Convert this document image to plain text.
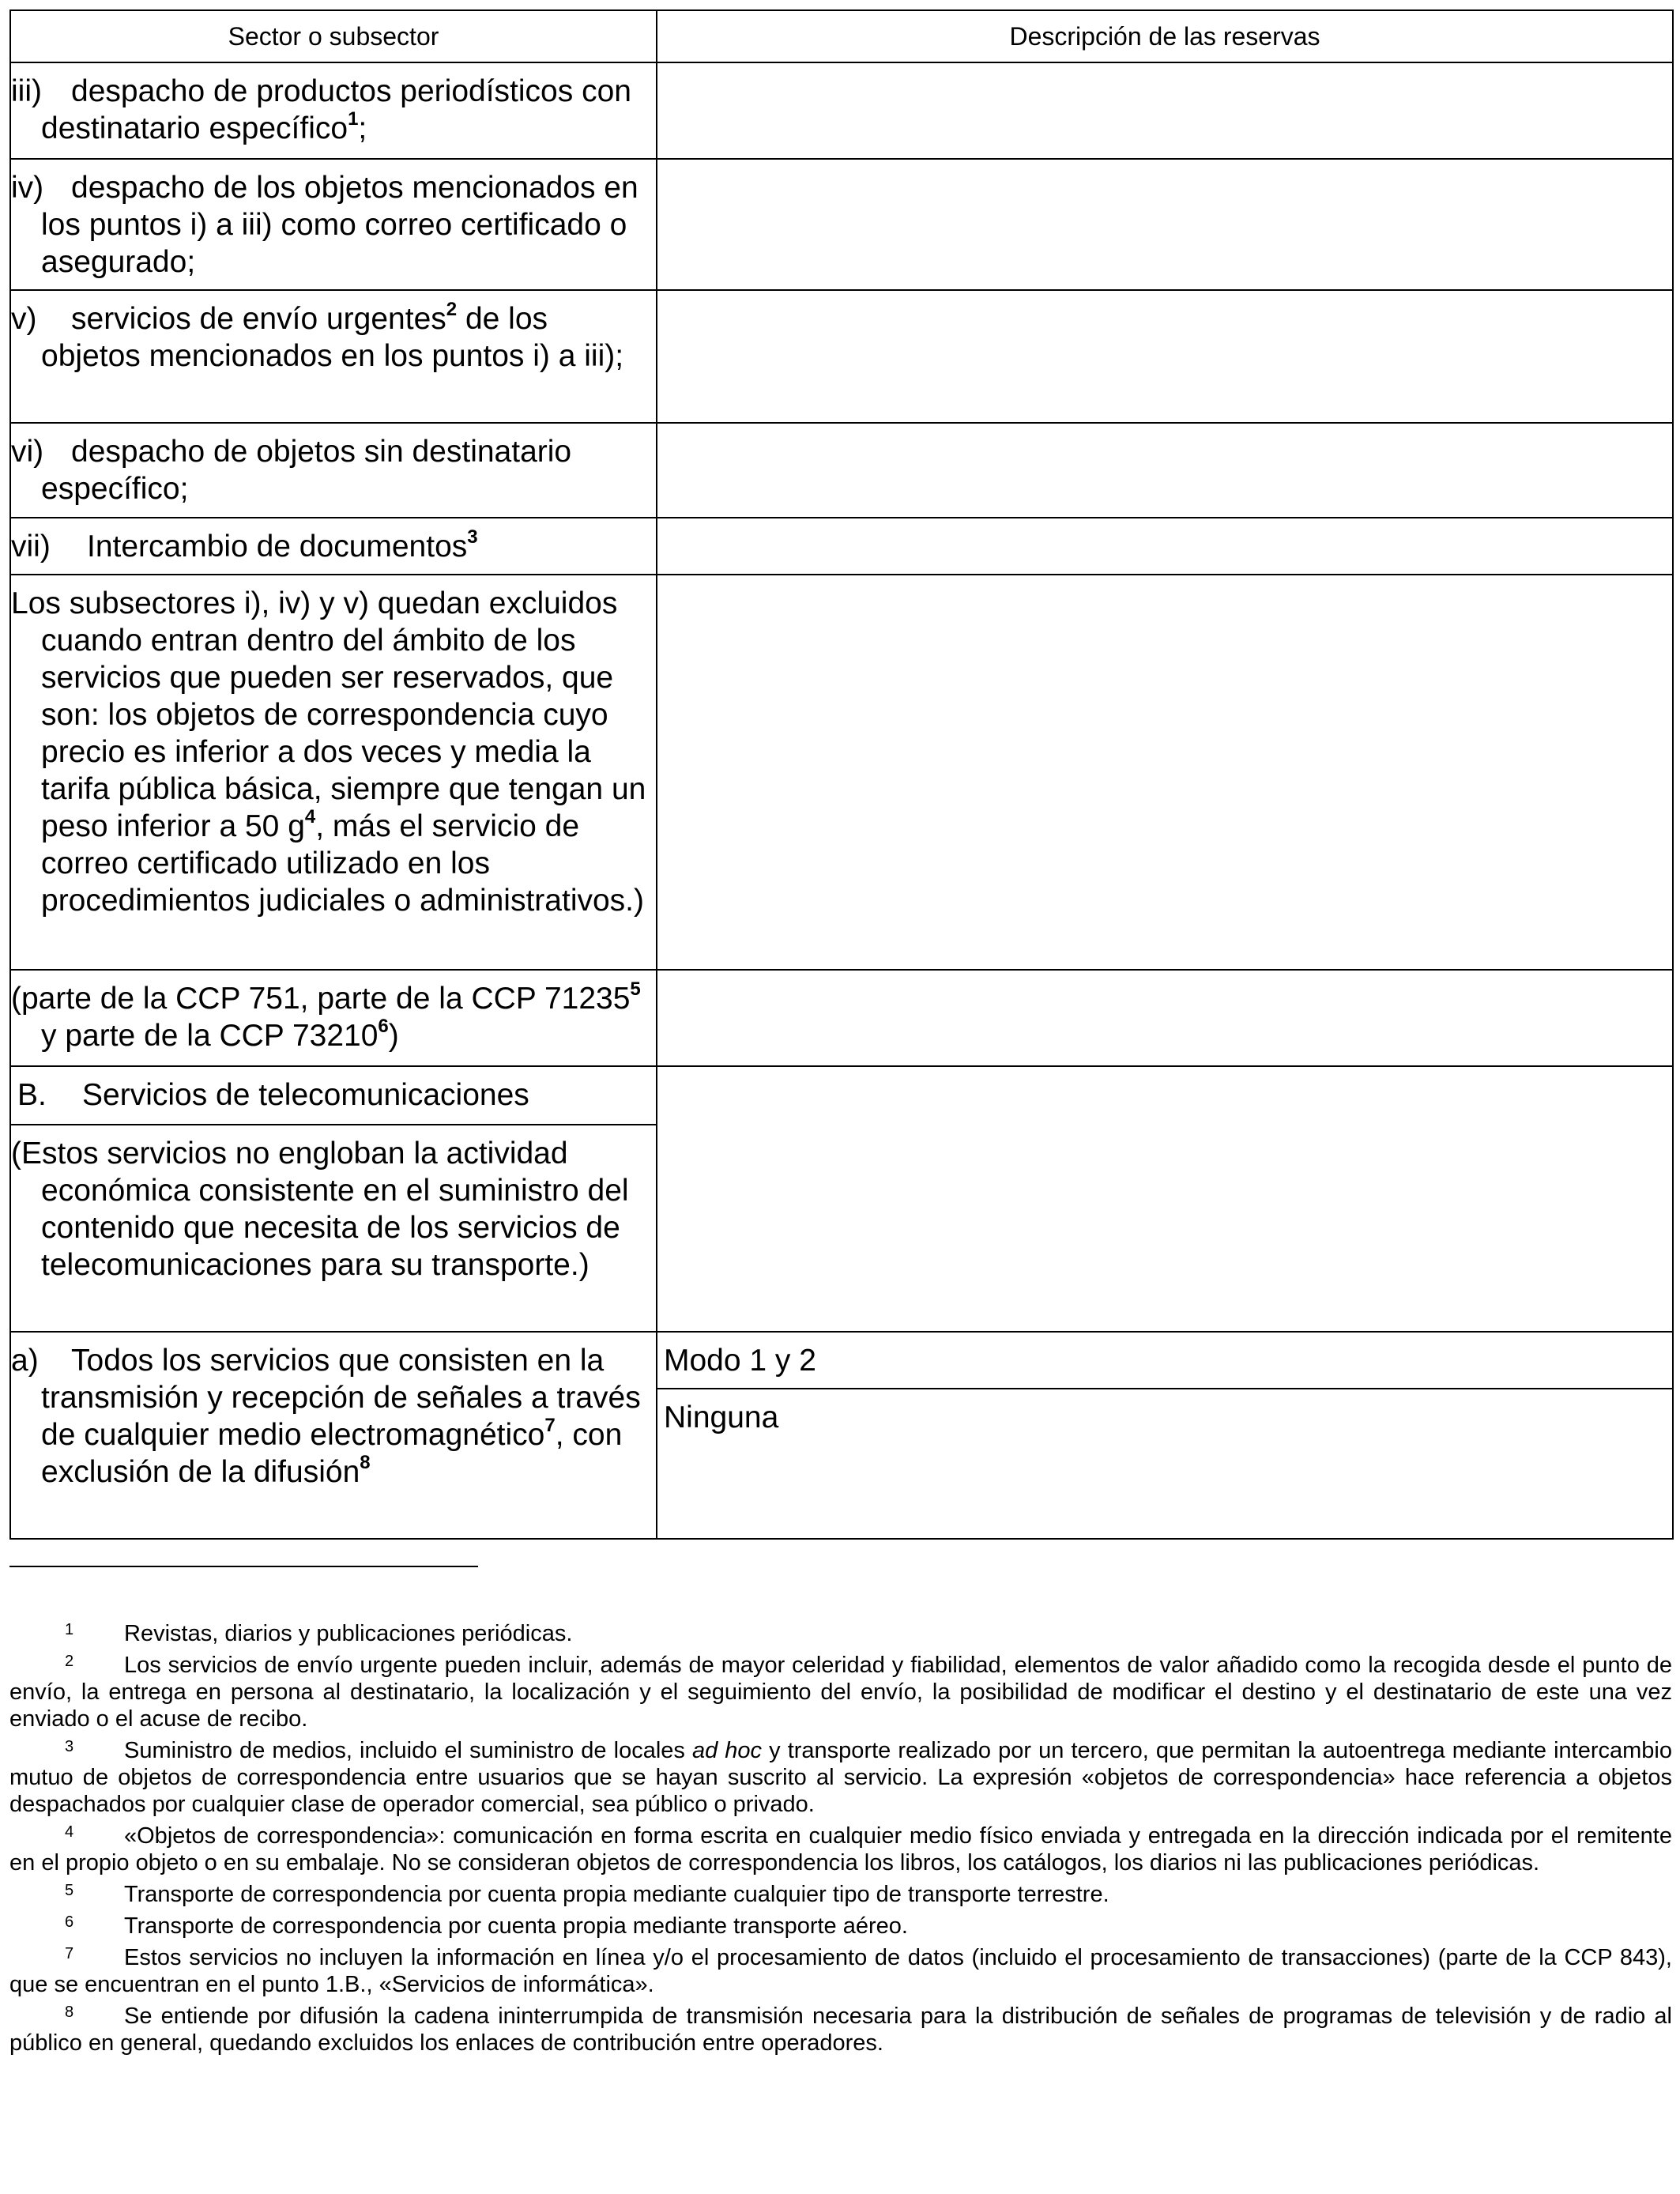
Sector o subsector	Descripción de las reservas

iii) despacho de productos periodísticos con destinatario específico$^1$;	

iv) despacho de los objetos mencionados en los puntos i) a iii) como correo certificado o asegurado;	

v) servicios de envío urgentes$^2$ de los objetos mencionados en los puntos i) a iii);	

vi) despacho de objetos sin destinatario específico;	

vii) Intercambio de documentos$^3$

Los subsectores i), iv) y v) quedan excluidos cuando entran dentro del ámbito de los servicios que pueden ser reservados, que son: los objetos de correspondencia cuyo precio es inferior a dos veces y media la tarifa pública básica, siempre que tengan un peso inferior a 50 $g^4$, más el servicio de correo certificado utilizado en los procedimientos judiciales o administrativos.)	

(parte de la CCP 751, parte de la CCP 71235$^5$ y parte de la CCP 73210$^6$)	

B. Servicios de telecomunicaciones
(Estos servicios no engloban la actividad económica consistente en el suministro del contenido que necesita de los servicios de telecomunicaciones para su transporte.)	

a) Todos los servicios que consisten en la transmisión y recepción de señales a través de cualquier medio electromagnético$^7$, con exclusión de la difusión$^8$	Modo 1 y 2
Ninguna

1 Revistas, diarios y publicaciones periódicas.

2 Los servicios de envío urgente pueden incluir, además de mayor celeridad y fiabilidad, elementos de valor añadido como la recogida desde el punto de envío, la entrega en persona al destinatario, la localización y el seguimiento del envío, la posibilidad de modificar el destino y el destinatario de este una vez enviado o el acuse de recibo.

3 Suministro de medios, incluido el suministro de locales ad hoc y transporte realizado por un tercero, que permitan la autoentrega mediante intercambio mutuo de objetos de correspondencia entre usuarios que se hayan suscrito al servicio. La expresión «objetos de correspondencia» hace referencia a objetos despachados por cualquier clase de operador comercial, sea público o privado.

4 «Objetos de correspondencia»: comunicación en forma escrita en cualquier medio físico enviada y entregada en la dirección indicada por el remitente en el propio objeto o en su embalaje. No se consideran objetos de correspondencia los libros, los catálogos, los diarios ni las publicaciones periódicas.

5 Transporte de correspondencia por cuenta propia mediante cualquier tipo de transporte terrestre.

6 Transporte de correspondencia por cuenta propia mediante transporte aéreo.

7 Estos servicios no incluyen la información en línea y/o el procesamiento de datos (incluido el procesamiento de transacciones) (parte de la CCP 843), que se encuentran en el punto 1.B., «Servicios de informática».

8 Se entiende por difusión la cadena ininterrumpida de transmisión necesaria para la distribución de señales de programas de televisión y de radio al público en general, quedando excluidos los enlaces de contribución entre operadores.
